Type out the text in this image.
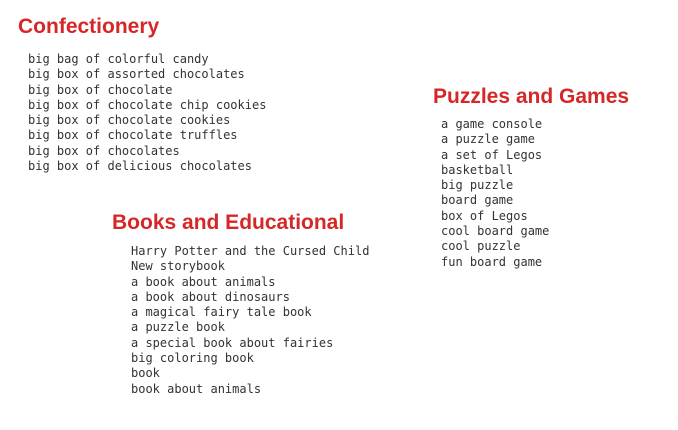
Confectionery
big bag of colorful candy
big box of assorted chocolates
big box of chocolate
big box of chocolate chip cookies
big box of chocolate cookies
big box of chocolate truffles
big box of chocolates
big box of delicious chocolates
Puzzles and Games
a game console
a puzzle game
a set of Legos
basketball
big puzzle
board game
box of Legos
cool board game
cool puzzle
fun board game
Books and Educational
Harry Potter and the Cursed Child
New storybook
a book about animals
a book about dinosaurs
a magical fairy tale book
a puzzle book
a special book about fairies
big coloring book
book
book about animals
